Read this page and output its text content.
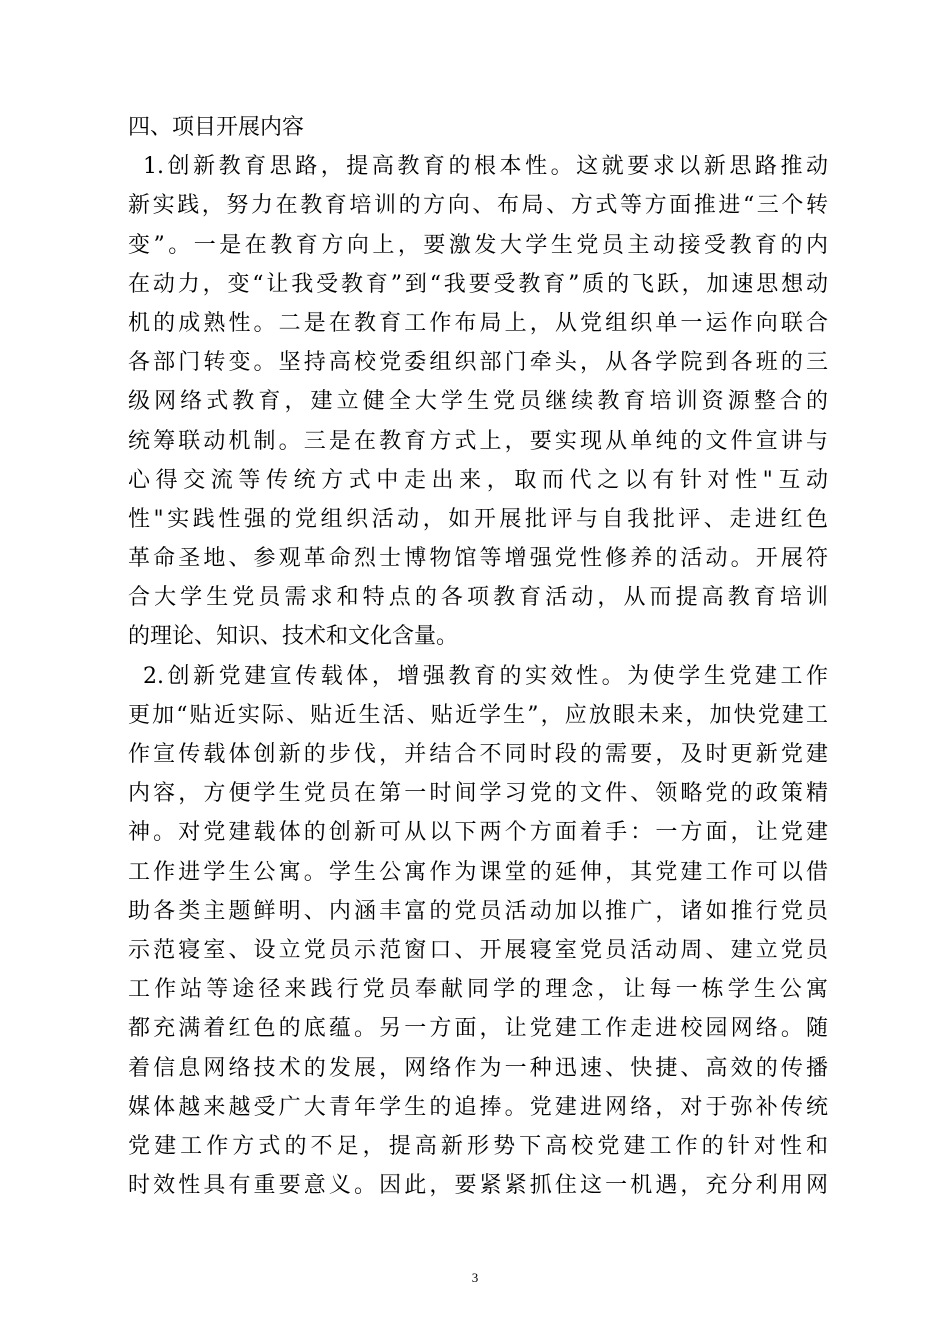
四、项目开展内容
1.创新教育思路，提高教育的根本性。这就要求以新思路推动
新实践，努力在教育培训的方向、布局、方式等方面推进“三个转
变”。一是在教育方向上，要激发大学生党员主动接受教育的内
在动力，变“让我受教育”到“我要受教育”质的飞跃，加速思想动
机的成熟性。二是在教育工作布局上，从党组织单一运作向联合
各部门转变。坚持高校党委组织部门牵头，从各学院到各班的三
级网络式教育，建立健全大学生党员继续教育培训资源整合的
统筹联动机制。三是在教育方式上，要实现从单纯的文件宣讲与
心得交流等传统方式中走出来，取而代之以有针对性"互动
性"实践性强的党组织活动，如开展批评与自我批评、走进红色
革命圣地、参观革命烈士博物馆等增强党性修养的活动。开展符
合大学生党员需求和特点的各项教育活动，从而提高教育培训
的理论、知识、技术和文化含量。
2.创新党建宣传载体，增强教育的实效性。为使学生党建工作
更加“贴近实际、贴近生活、贴近学生”，应放眼未来，加快党建工
作宣传载体创新的步伐，并结合不同时段的需要，及时更新党建
内容，方便学生党员在第一时间学习党的文件、领略党的政策精
神。对党建载体的创新可从以下两个方面着手：一方面，让党建
工作进学生公寓。学生公寓作为课堂的延伸，其党建工作可以借
助各类主题鲜明、内涵丰富的党员活动加以推广，诸如推行党员
示范寝室、设立党员示范窗口、开展寝室党员活动周、建立党员
工作站等途径来践行党员奉献同学的理念，让每一栋学生公寓
都充满着红色的底蕴。另一方面，让党建工作走进校园网络。随
着信息网络技术的发展，网络作为一种迅速、快捷、高效的传播
媒体越来越受广大青年学生的追捧。党建进网络，对于弥补传统
党建工作方式的不足，提高新形势下高校党建工作的针对性和
时效性具有重要意义。因此，要紧紧抓住这一机遇，充分利用网
3
